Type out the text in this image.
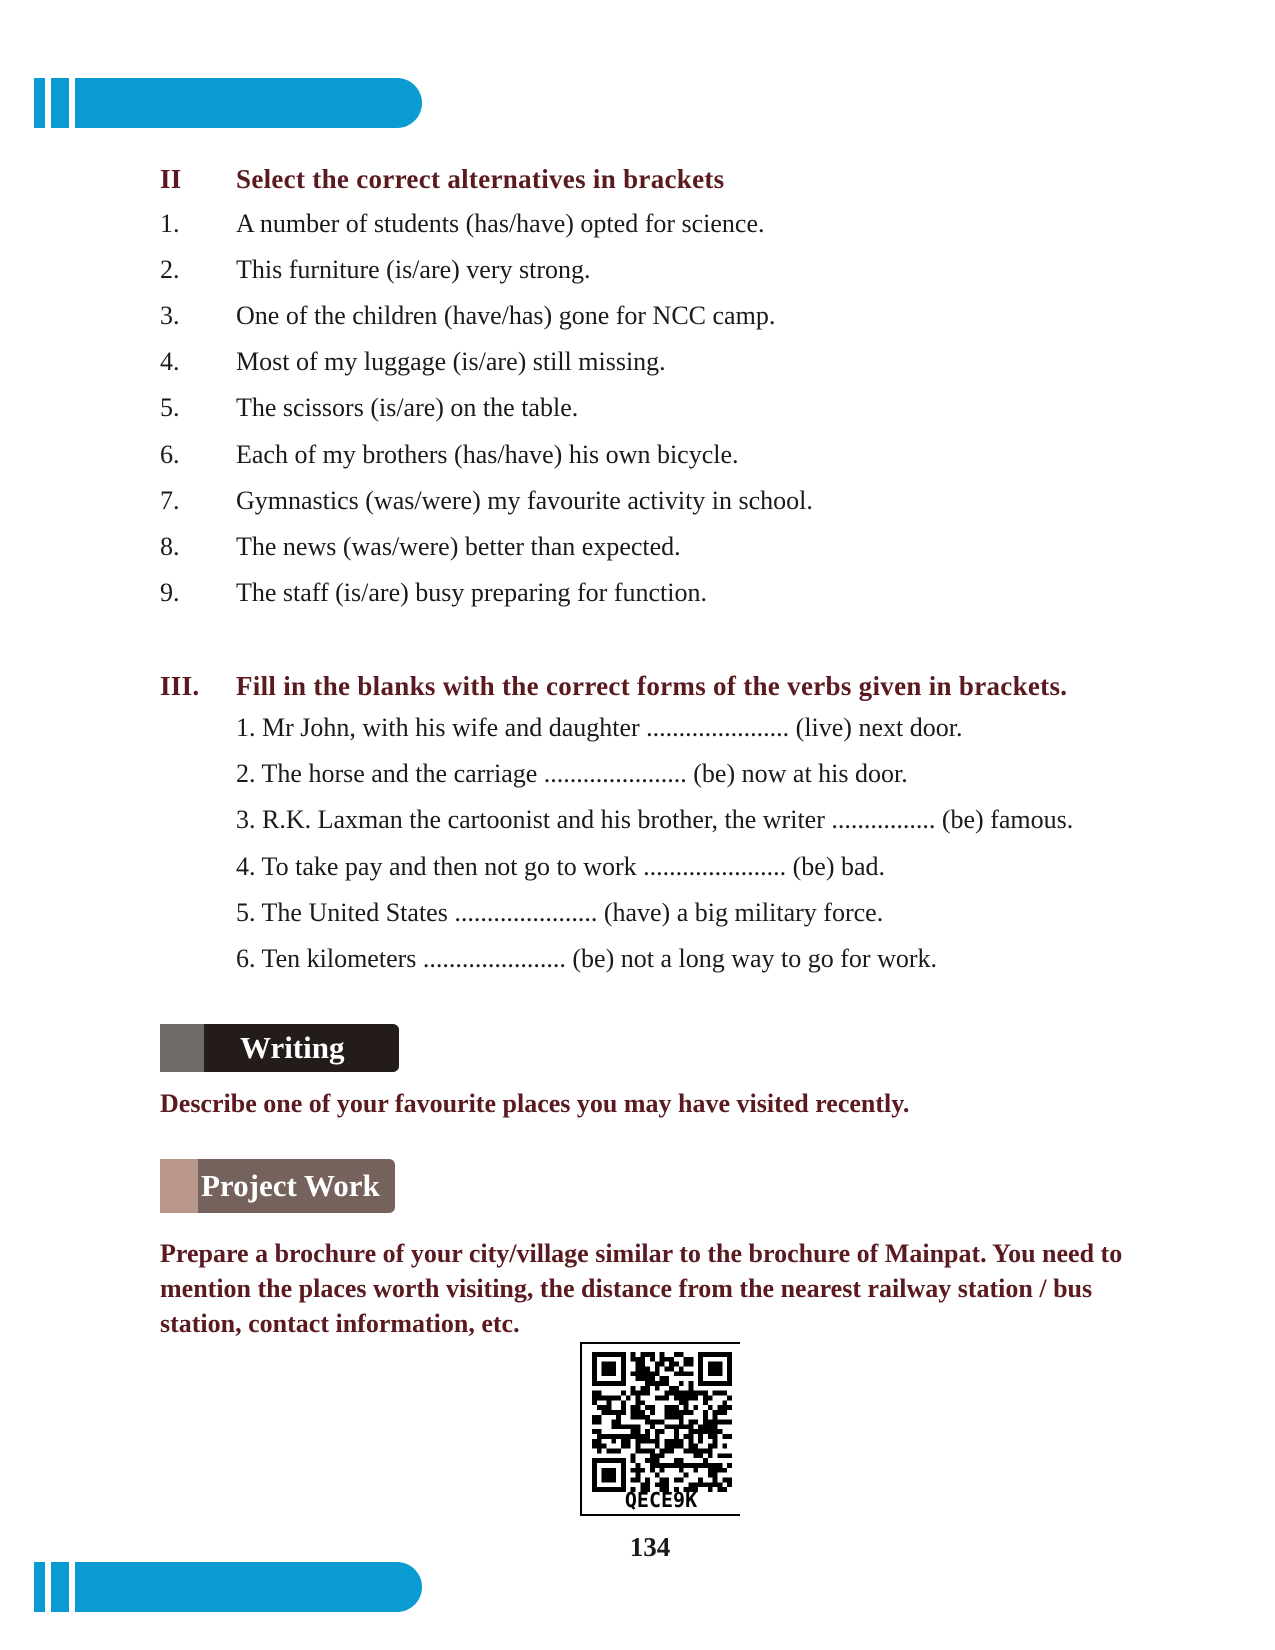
II Select the correct alternatives in brackets
1. A number of students (has/have) opted for science.
2. This furniture (is/are) very strong.
3. One of the children (have/has) gone for NCC camp.
4. Most of my luggage (is/are) still missing.
5. The scissors (is/are) on the table.
6. Each of my brothers (has/have) his own bicycle.
7. Gymnastics (was/were) my favourite activity in school.
8. The news (was/were) better than expected.
9. The staff (is/are) busy preparing for function.
III. Fill in the blanks with the correct forms of the verbs given in brackets.
1. Mr John, with his wife and daughter ...................... (live) next door.
2. The horse and the carriage ...................... (be) now at his door.
3. R.K. Laxman the cartoonist and his brother, the writer ................ (be) famous.
4. To take pay and then not go to work ...................... (be) bad.
5. The United States ...................... (have) a big military force.
6. Ten kilometers ...................... (be) not a long way to go for work.
Writing
Describe one of your favourite places you may have visited recently.
Project Work
Prepare a brochure of your city/village similar to the brochure of Mainpat. You need to mention the places worth visiting, the distance from the nearest railway station / bus station, contact information, etc.
QECE9K
134
